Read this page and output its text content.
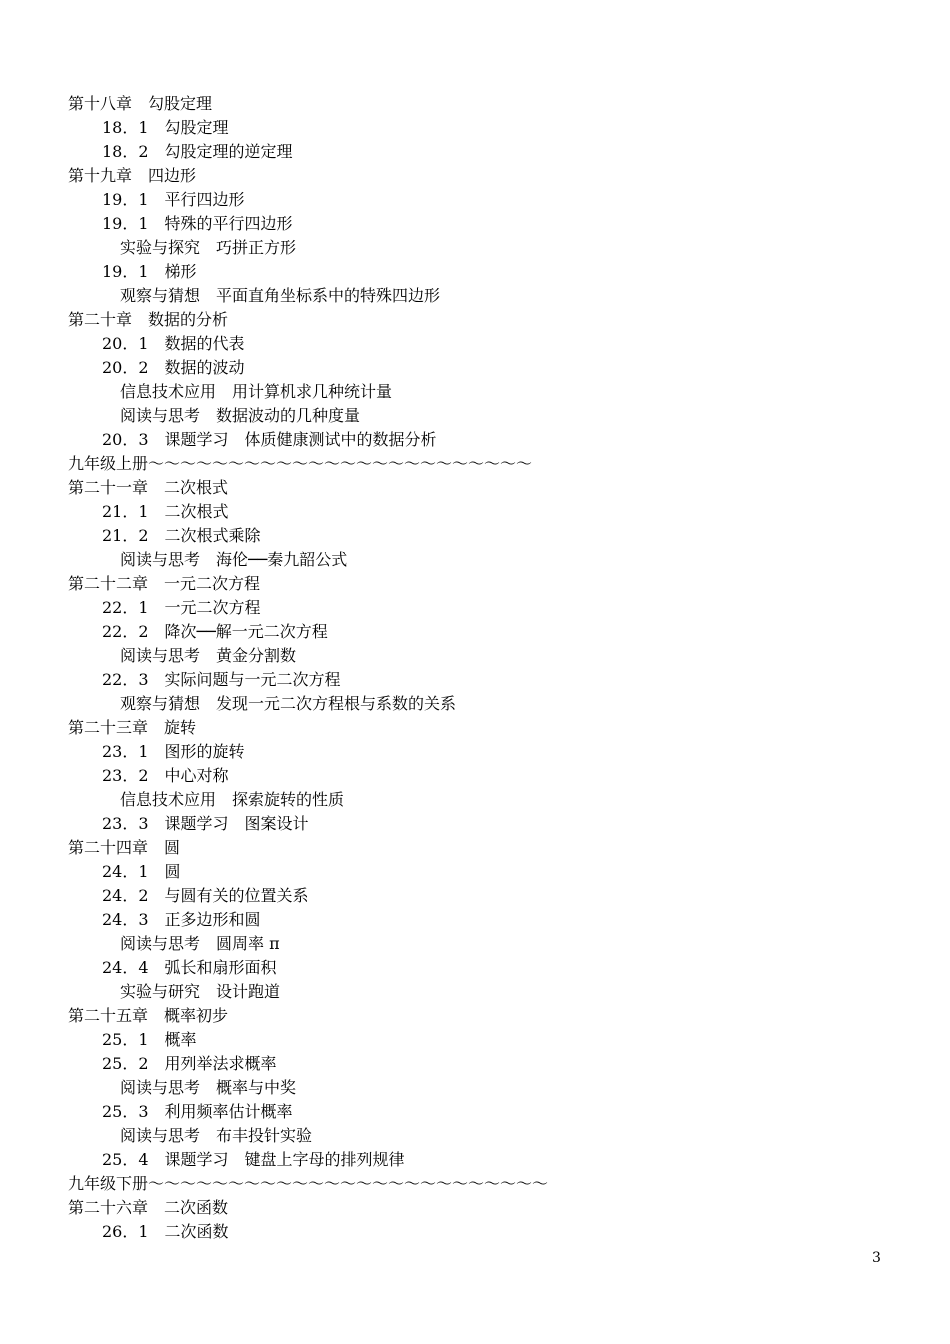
第十八章　勾股定理
18．1　勾股定理
18．2　勾股定理的逆定理
第十九章　四边形
19．1　平行四边形
19．1　特殊的平行四边形
实验与探究　巧拼正方形
19．1　梯形
观察与猜想　平面直角坐标系中的特殊四边形
第二十章　数据的分析
20．1　数据的代表
20．2　数据的波动
信息技术应用　用计算机求几种统计量
阅读与思考　数据波动的几种度量
20．3　课题学习　体质健康测试中的数据分析
九年级上册～～～～～～～～～～～～～～～～～～～～～～～～
第二十一章　二次根式
21．1　二次根式
21．2　二次根式乘除
阅读与思考　海伦──秦九韶公式
第二十二章　一元二次方程
22．1　一元二次方程
22．2　降次──解一元二次方程
阅读与思考　黄金分割数
22．3　实际问题与一元二次方程
观察与猜想　发现一元二次方程根与系数的关系
第二十三章　旋转
23．1　图形的旋转
23．2　中心对称
信息技术应用　探索旋转的性质
23．3　课题学习　图案设计
第二十四章　圆
24．1　圆
24．2　与圆有关的位置关系
24．3　正多边形和圆
阅读与思考　圆周率 π
24．4　弧长和扇形面积
实验与研究　设计跑道
第二十五章　概率初步
25．1　概率
25．2　用列举法求概率
阅读与思考　概率与中奖
25．3　利用频率估计概率
阅读与思考　布丰投针实验
25．4　课题学习　键盘上字母的排列规律
九年级下册～～～～～～～～～～～～～～～～～～～～～～～～～
第二十六章　二次函数
26．1　二次函数
3
